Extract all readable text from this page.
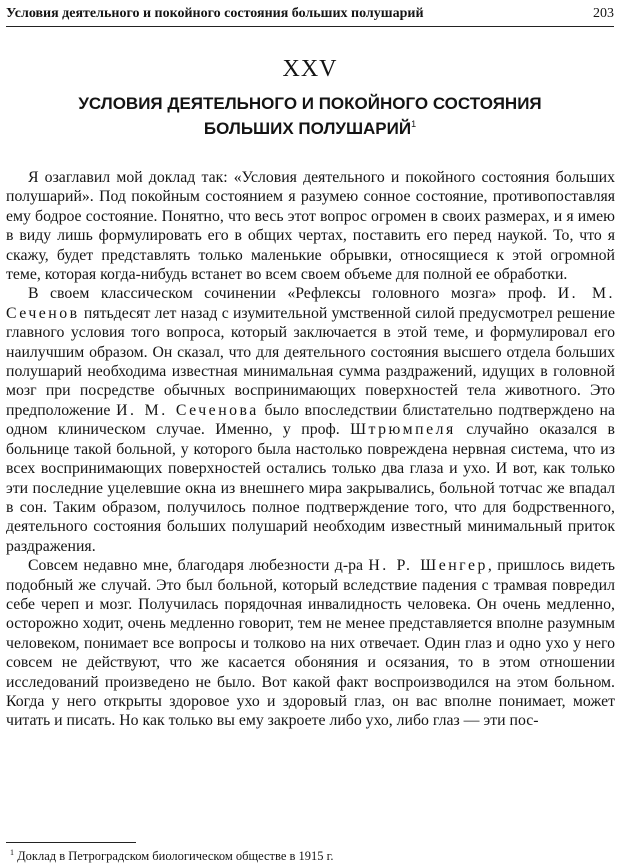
Условия деятельного и покойного состояния больших полушарий	203
XXV
УСЛОВИЯ ДЕЯТЕЛЬНОГО И ПОКОЙНОГО СОСТОЯНИЯ
БОЛЬШИХ ПОЛУШАРИЙ$^1$

Я озаглавил мой доклад так: «Условия деятельного и покойного состояния больших полушарий». Под покойным состоянием я разумею сонное состояние, противопоставляя ему бодрое состояние. Понятно, что весь этот вопрос огромен в своих размерах, и я имею в виду лишь формулировать его в общих чертах, поставить его перед наукой. То, что я скажу, будет представлять только маленькие обрывки, относящиеся к этой огромной теме, которая когда-нибудь встанет во всем своем объеме для полной ее обработки.

В своем классическом сочинении «Рефлексы головного мозга» проф. И. М. Сеченов пятьдесят лет назад с изумительной умственной силой предусмотрел решение главного условия того вопроса, который заключается в этой теме, и формулировал его наилучшим образом. Он сказал, что для деятельного состояния высшего отдела больших полушарий необходима известная минимальная сумма раздражений, идущих в головной мозг при посредстве обычных воспринимающих поверхностей тела животного. Это предположение И. М. Сеченова было впоследствии блистательно подтверждено на одном клиническом случае. Именно, у проф. Штрюмпеля случайно оказался в больнице такой больной, у которого была настолько повреждена нервная система, что из всех воспринимающих поверхностей остались только два глаза и ухо. И вот, как только эти последние уцелевшие окна из внешнего мира закрывались, больной тотчас же впадал в сон. Таким образом, получилось полное подтверждение того, что для бодрственного, деятельного состояния больших полушарий необходим известный минимальный приток раздражения.

Совсем недавно мне, благодаря любезности д-ра Н. Р. Шенгер, пришлось видеть подобный же случай. Это был больной, который вследствие падения с трамвая повредил себе череп и мозг. Получилась порядочная инвалидность человека. Он очень медленно, осторожно ходит, очень медленно говорит, тем не менее представляется вполне разумным человеком, понимает все вопросы и толково на них отвечает. Один глаз и одно ухо у него совсем не действуют, что же касается обоняния и осязания, то в этом отношении исследований произведено не было. Вот какой факт воспроизводился на этом больном. Когда у него открыты здоровое ухо и здоровый глаз, он вас вполне понимает, может читать и писать. Но как только вы ему закроете либо ухо, либо глаз — эти пос-

$^1$ Доклад в Петроградском биологическом обществе в 1915 г.
